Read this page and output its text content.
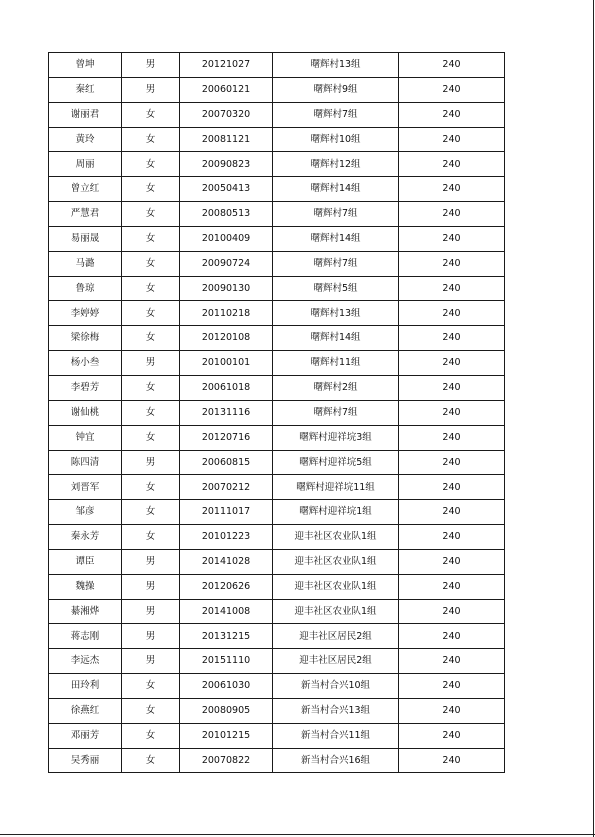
曾坤	男	20121027	曙辉村13组	240
秦红	男	20060121	曙辉村9组	240
谢丽君	女	20070320	曙辉村7组	240
黄玲	女	20081121	曙辉村10组	240
周丽	女	20090823	曙辉村12组	240
曾立红	女	20050413	曙辉村14组	240
严慧君	女	20080513	曙辉村7组	240
易丽晟	女	20100409	曙辉村14组	240
马潞	女	20090724	曙辉村7组	240
鲁琼	女	20090130	曙辉村5组	240
李婷婷	女	20110218	曙辉村13组	240
梁徐梅	女	20120108	曙辉村14组	240
杨小叁	男	20100101	曙辉村11组	240
李碧芳	女	20061018	曙辉村2组	240
谢仙桃	女	20131116	曙辉村7组	240
钟宜	女	20120716	曙辉村迎祥垸3组	240
陈四清	男	20060815	曙辉村迎祥垸5组	240
刘晋军	女	20070212	曙辉村迎祥垸11组	240
邹彦	女	20111017	曙辉村迎祥垸1组	240
秦永芳	女	20101223	迎丰社区农业队1组	240
谭臣	男	20141028	迎丰社区农业队1组	240
魏操	男	20120626	迎丰社区农业队1组	240
綦湘烨	男	20141008	迎丰社区农业队1组	240
蒋志刚	男	20131215	迎丰社区居民2组	240
李远杰	男	20151110	迎丰社区居民2组	240
田玲利	女	20061030	新当村合兴10组	240
徐燕红	女	20080905	新当村合兴13组	240
邓丽芳	女	20101215	新当村合兴11组	240
吴秀丽	女	20070822	新当村合兴16组	240
